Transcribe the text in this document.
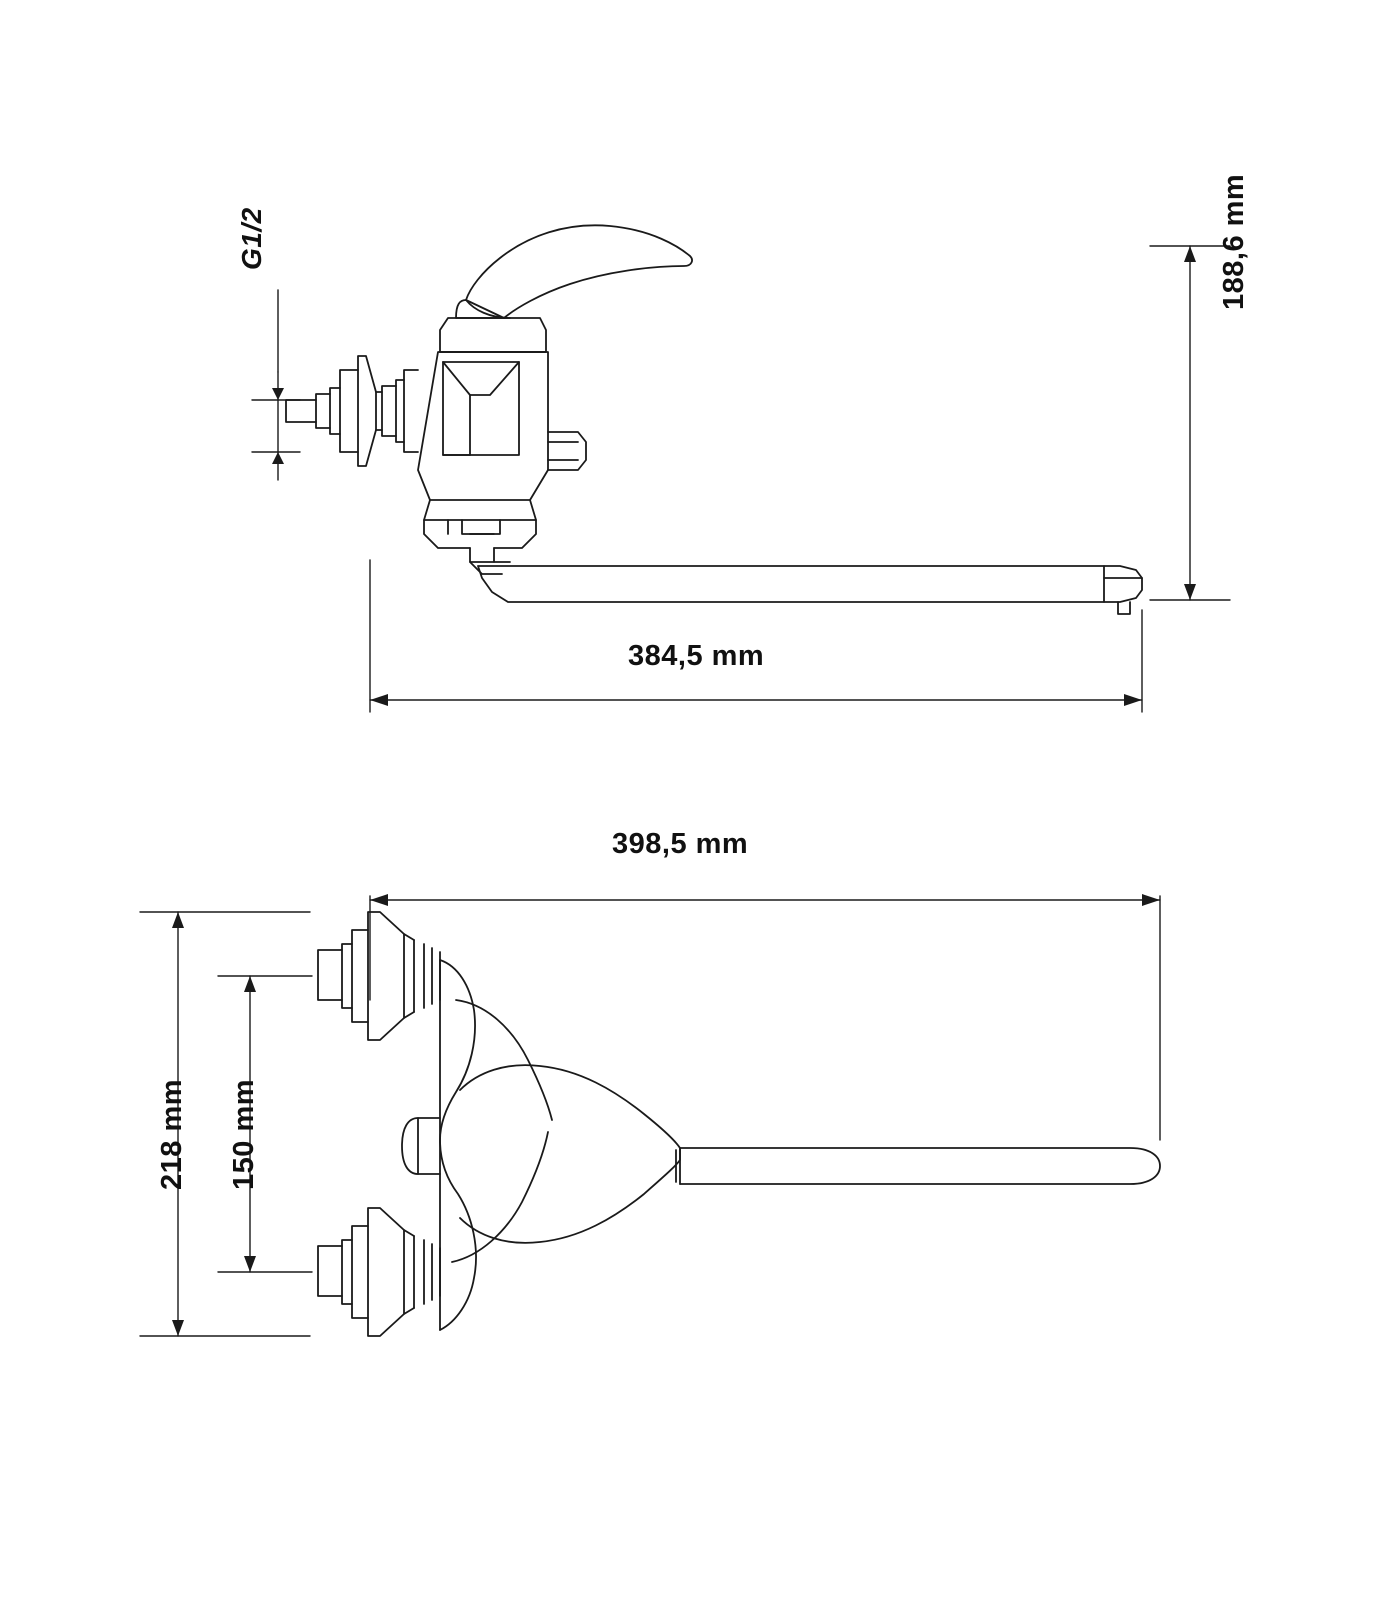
G1/2	188,6 mm
384,5 mm
398,5 mm
218 mm 150 mm
